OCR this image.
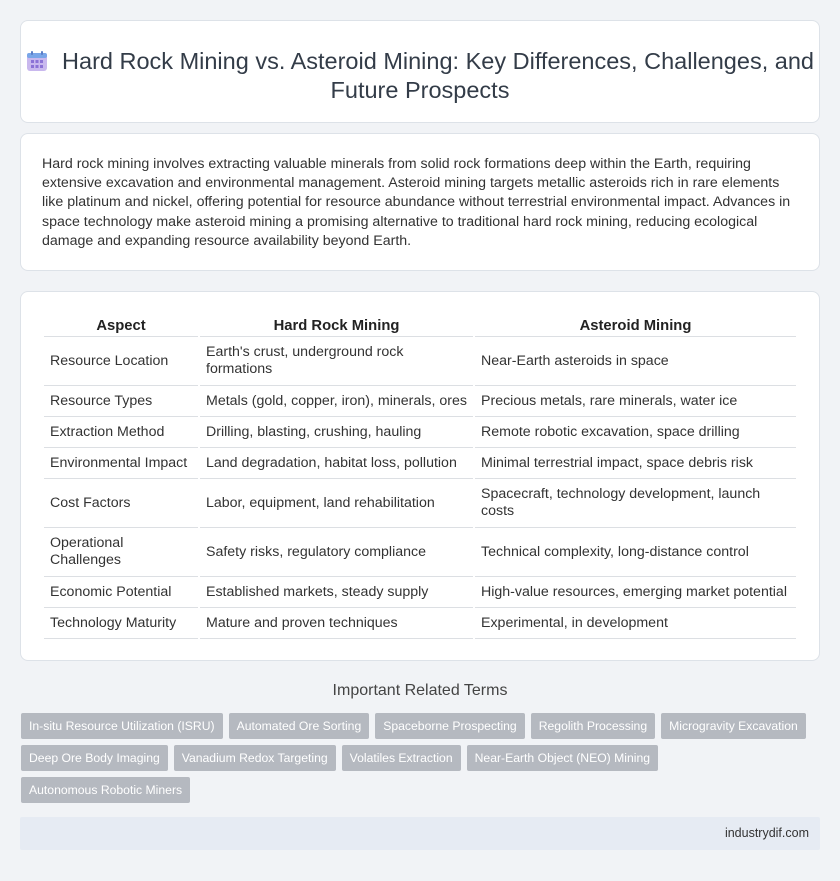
Hard Rock Mining vs. Asteroid Mining: Key Differences, Challenges, and Future Prospects

Hard rock mining involves extracting valuable minerals from solid rock formations deep within the Earth, requiring extensive excavation and environmental management. Asteroid mining targets metallic asteroids rich in rare elements like platinum and nickel, offering potential for resource abundance without terrestrial environmental impact. Advances in space technology make asteroid mining a promising alternative to traditional hard rock mining, reducing ecological damage and expanding resource availability beyond Earth.

Aspect	Hard Rock Mining	Asteroid Mining
Resource Location	Earth's crust, underground rock formations	Near-Earth asteroids in space
Resource Types	Metals (gold, copper, iron), minerals, ores	Precious metals, rare minerals, water ice
Extraction Method	Drilling, blasting, crushing, hauling	Remote robotic excavation, space drilling
Environmental Impact	Land degradation, habitat loss, pollution	Minimal terrestrial impact, space debris risk
Cost Factors	Labor, equipment, land rehabilitation	Spacecraft, technology development, launch costs
Operational Challenges	Safety risks, regulatory compliance	Technical complexity, long-distance control
Economic Potential	Established markets, steady supply	High-value resources, emerging market potential
Technology Maturity	Mature and proven techniques	Experimental, in development
Important Related Terms
In-situ Resource Utilization (ISRU)	Automated Ore Sorting	Spaceborne Prospecting	Regolith Processing	Microgravity Excavation
Deep Ore Body Imaging	Vanadium Redox Targeting	Volatiles Extraction	Near-Earth Object (NEO) Mining
Autonomous Robotic Miners
industrydif.com
